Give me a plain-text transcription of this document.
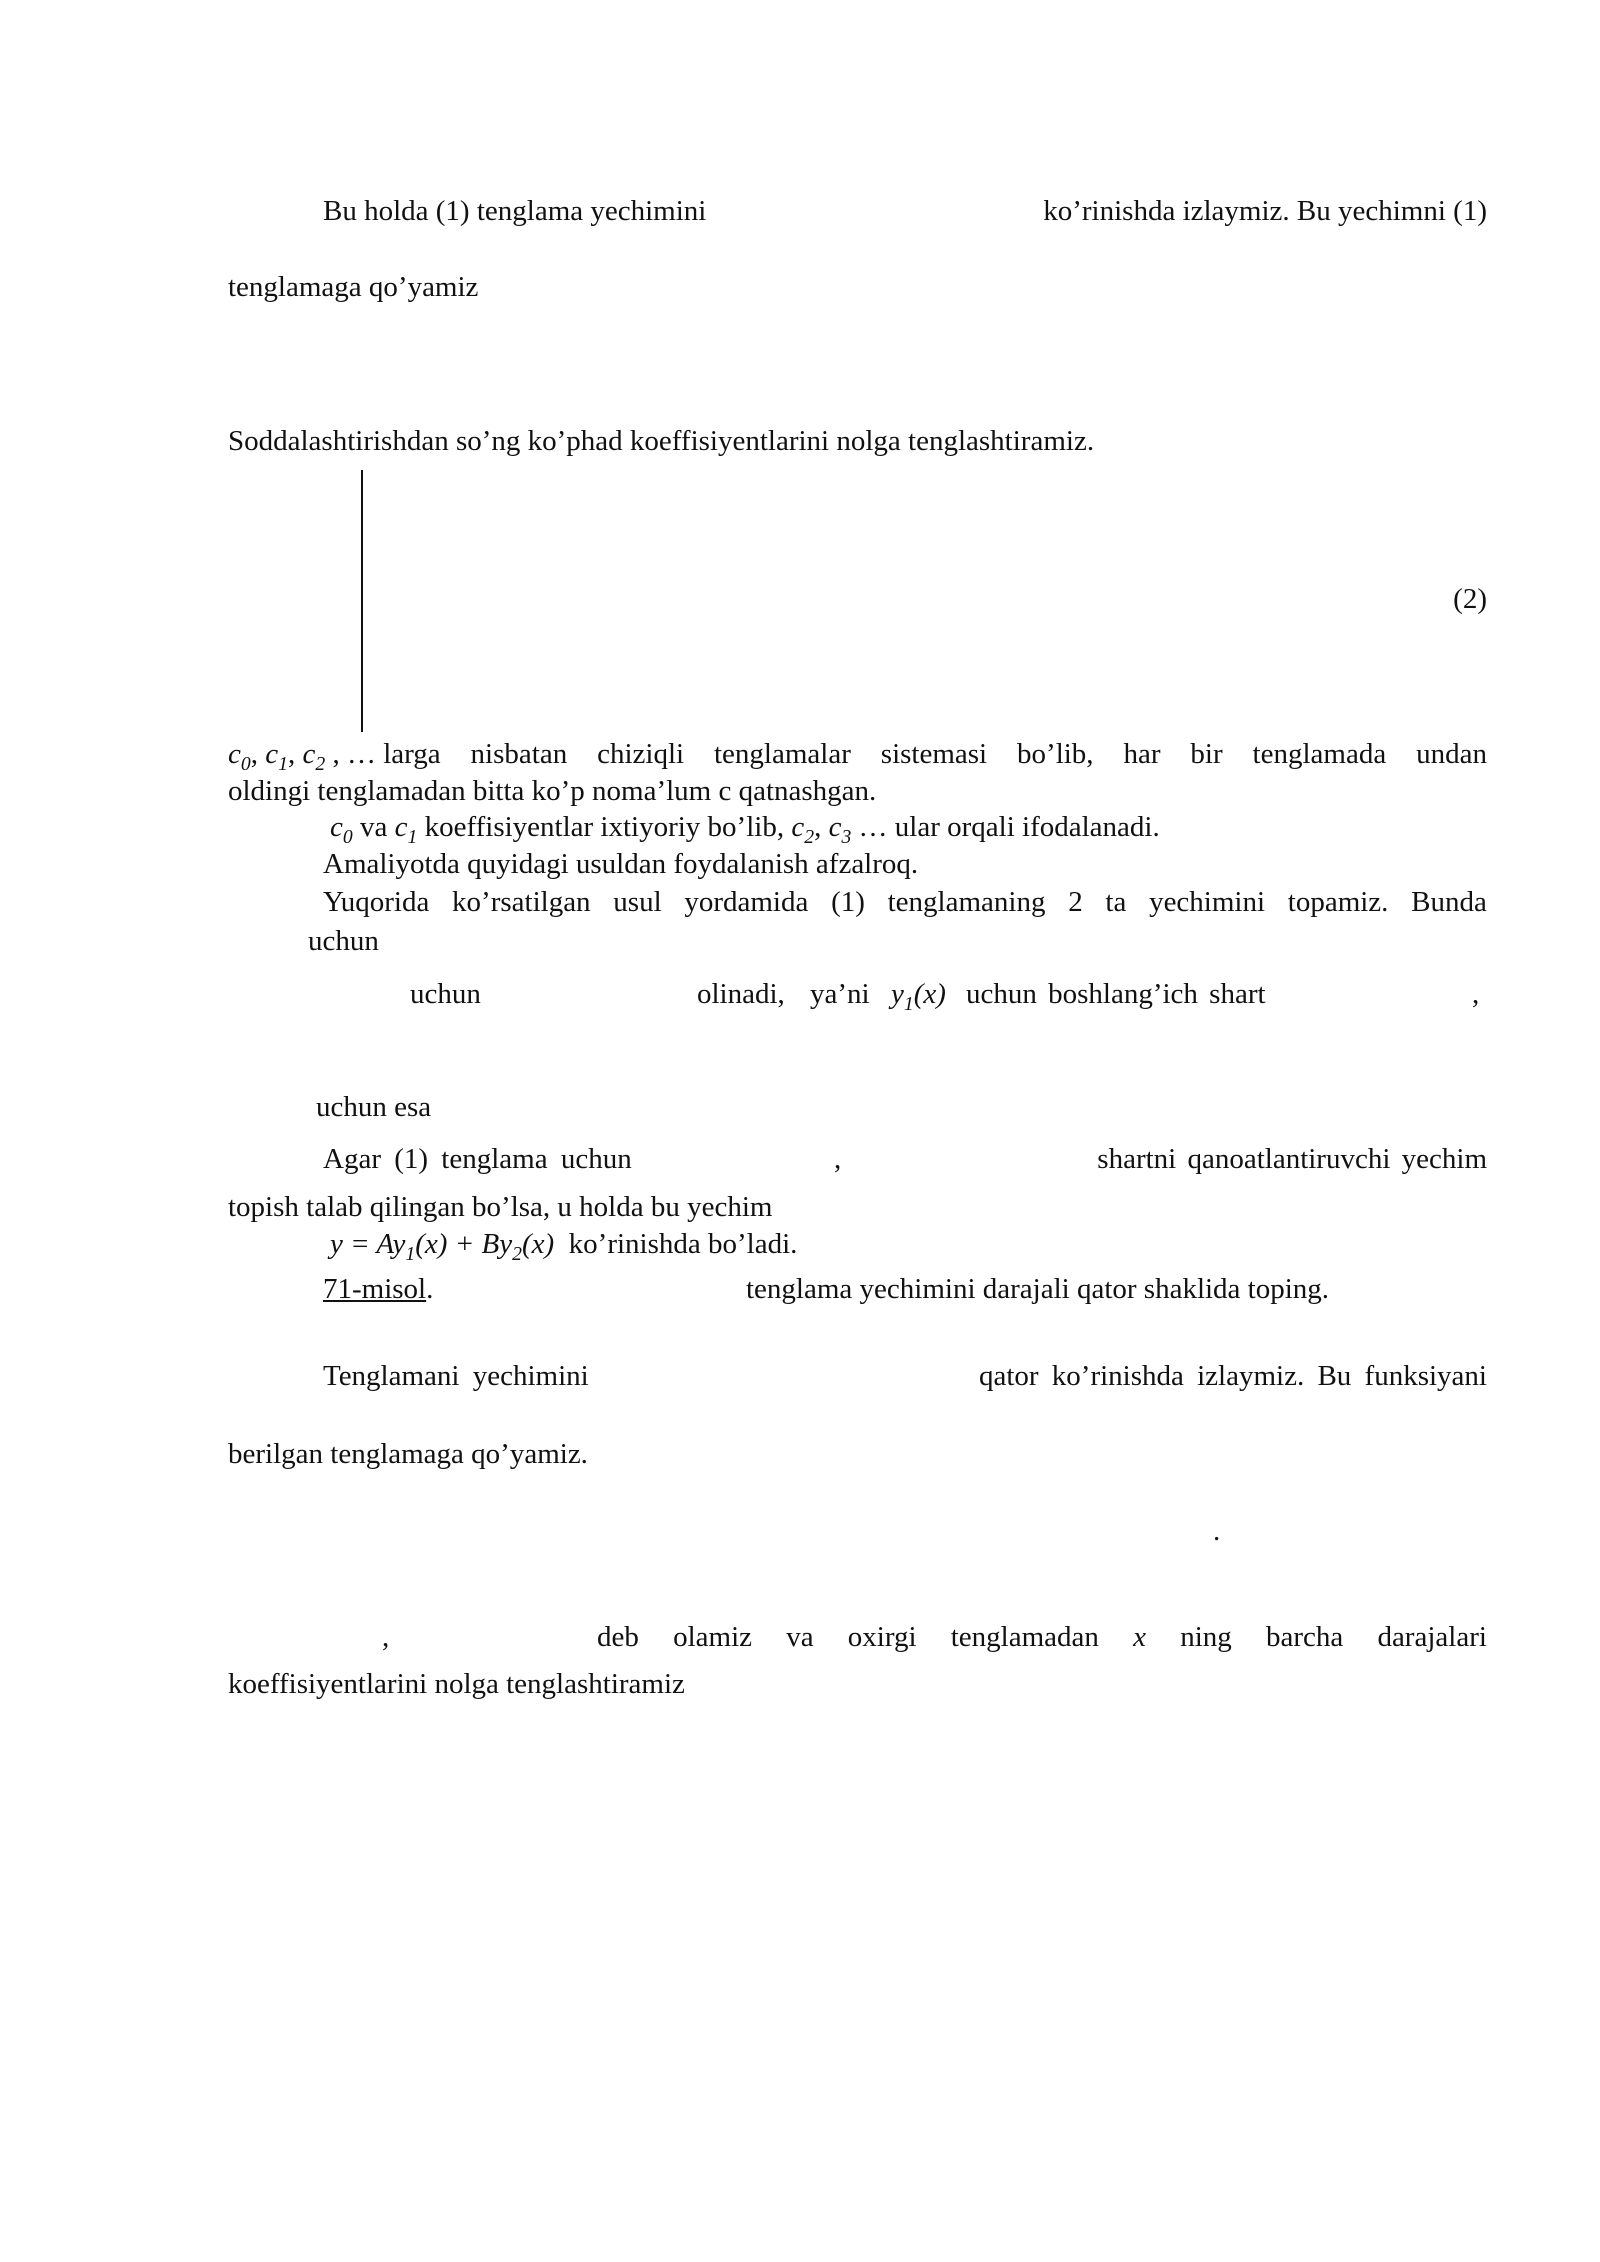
Bu holda (1) tenglama yechimini	ko’rinishda izlaymiz. Bu yechimni (1)
tenglamaga qo’yamiz
Soddalashtirishdan so’ng ko’phad koeffisiyentlarini nolga tenglashtiramiz.
(2)
$c_0$, $c_1$, $c_2$ , … larga nisbatan chiziqli tenglamalar sistemasi bo’lib, har bir tenglamada undan
oldingi tenglamadan bitta ko’p noma’lum c qatnashgan.
$c_0$ va $c_1$ koeffisiyentlar ixtiyoriy bo’lib, $c_2$, $c_3$ … ular orqali ifodalanadi.
Amaliyotda quyidagi usuldan foydalanish afzalroq.
Yuqorida ko’rsatilgan usul yordamida (1) tenglamaning 2 ta yechimini topamiz. Bunda
uchun
uchun	olinadi, ya’ni $y_1(x)$ uchun boshlang’ich shart	,
uchun esa
Agar (1) tenglama uchun	,	shartni qanoatlantiruvchi yechim
topish talab qilingan bo’lsa, u holda bu yechim
$y = Ay_1(x) + By_2(x)$ ko’rinishda bo’ladi.
71-misol.	tenglama yechimini darajali qator shaklida toping.
Tenglamani yechimini	qator ko’rinishda izlaymiz. Bu funksiyani
berilgan tenglamaga qo’yamiz.
.
,	deb olamiz va oxirgi tenglamadan x ning barcha darajalari
koeffisiyentlarini nolga tenglashtiramiz
